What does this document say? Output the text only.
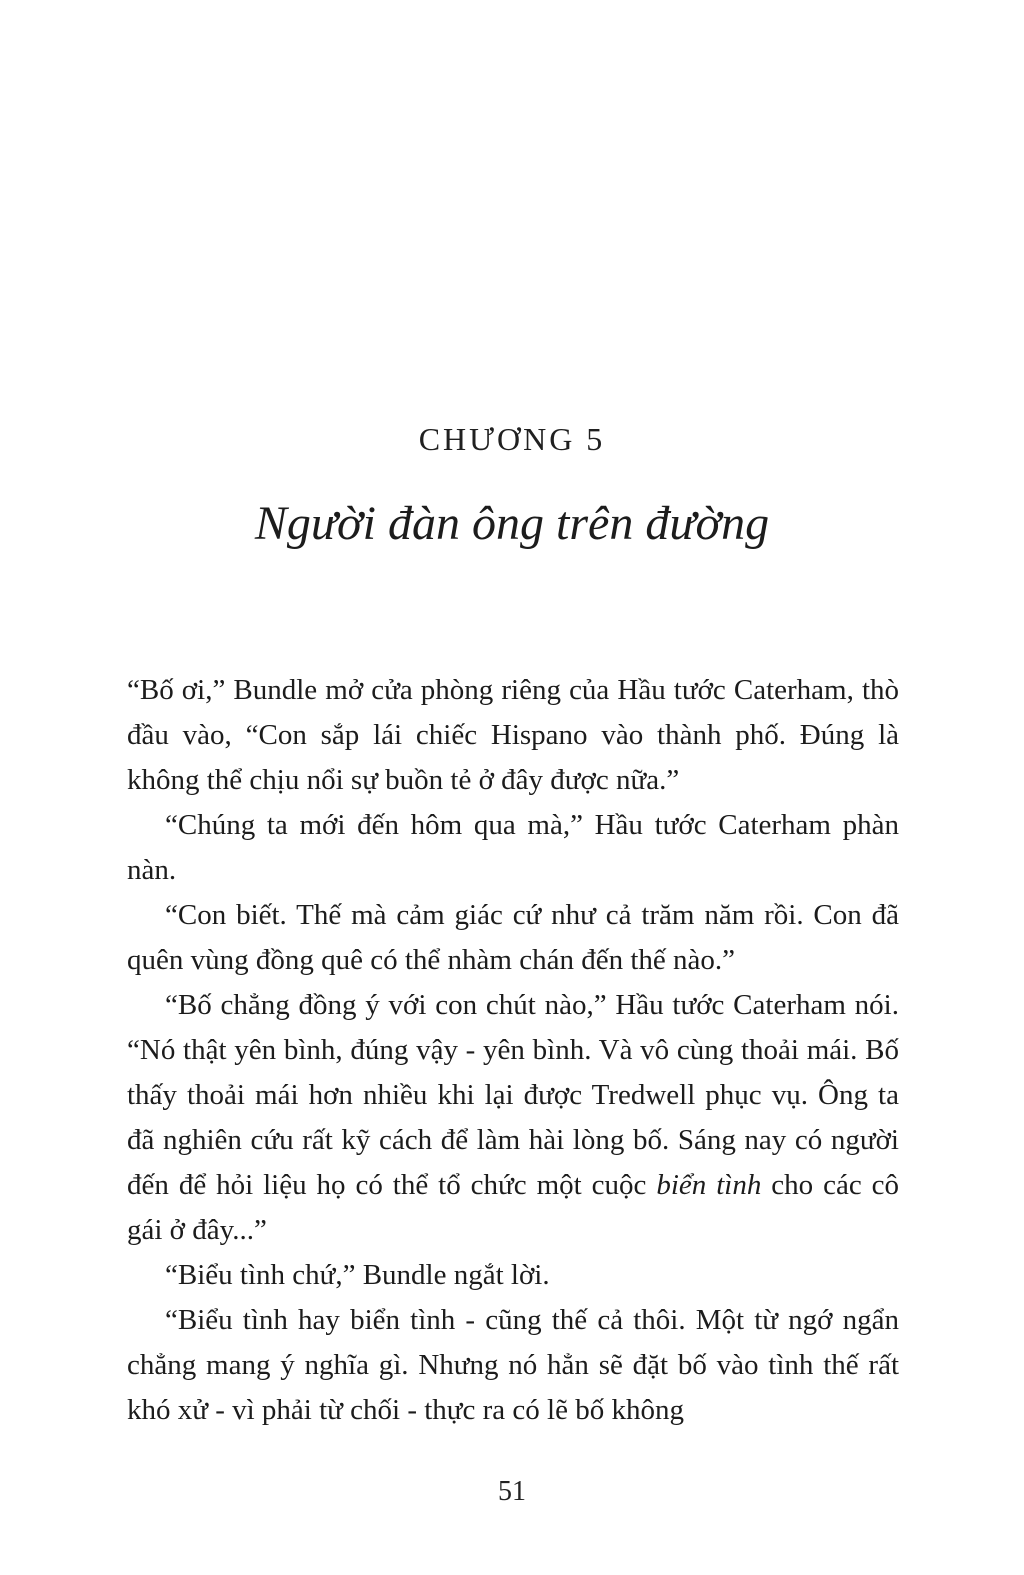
CHƯƠNG 5
Người đàn ông trên đường

“Bố ơi,” Bundle mở cửa phòng riêng của Hầu tước Caterham, thò đầu vào, “Con sắp lái chiếc Hispano vào thành phố. Đúng là không thể chịu nổi sự buồn tẻ ở đây được nữa.”

“Chúng ta mới đến hôm qua mà,” Hầu tước Caterham phàn nàn.

“Con biết. Thế mà cảm giác cứ như cả trăm năm rồi. Con đã quên vùng đồng quê có thể nhàm chán đến thế nào.”

“Bố chẳng đồng ý với con chút nào,” Hầu tước Caterham nói. “Nó thật yên bình, đúng vậy - yên bình. Và vô cùng thoải mái. Bố thấy thoải mái hơn nhiều khi lại được Tredwell phục vụ. Ông ta đã nghiên cứu rất kỹ cách để làm hài lòng bố. Sáng nay có người đến để hỏi liệu họ có thể tổ chức một cuộc biển tình cho các cô gái ở đây...”

“Biểu tình chứ,” Bundle ngắt lời.

“Biểu tình hay biển tình - cũng thế cả thôi. Một từ ngớ ngẩn chẳng mang ý nghĩa gì. Nhưng nó hẳn sẽ đặt bố vào tình thế rất khó xử - vì phải từ chối - thực ra có lẽ bố không

51
